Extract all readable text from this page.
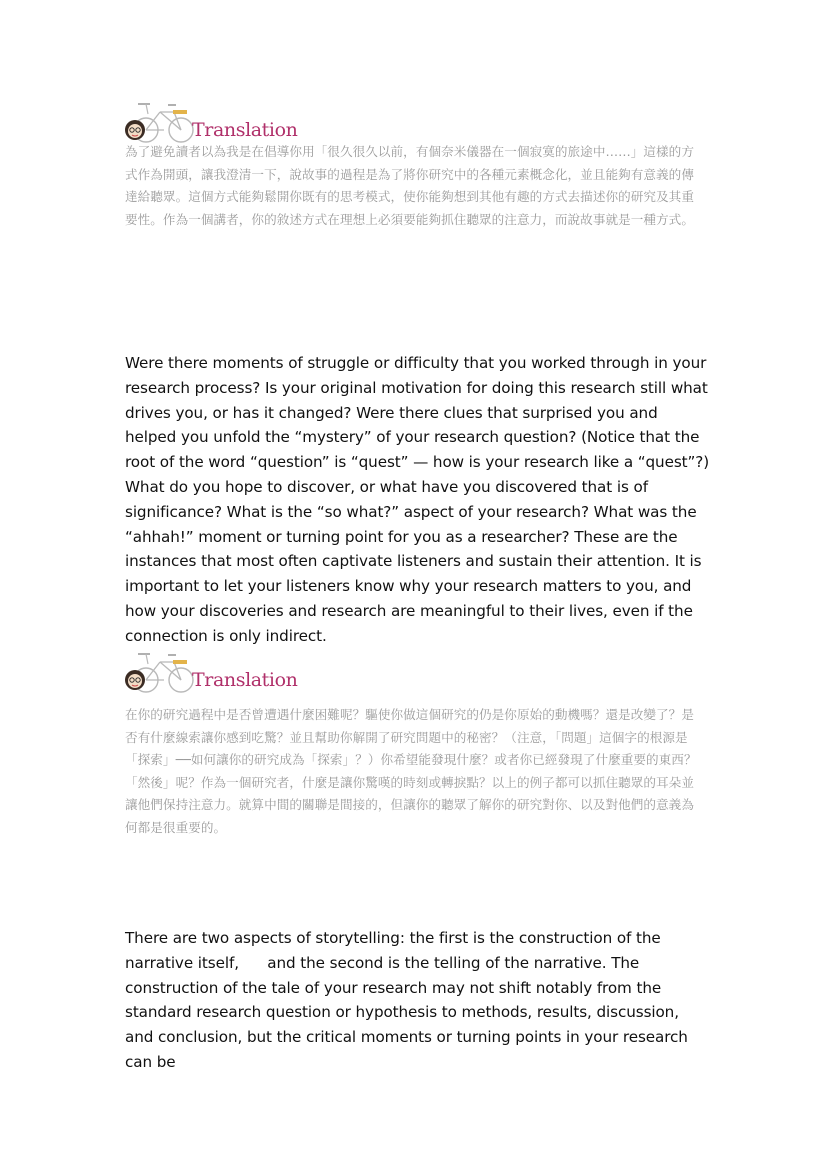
Translation

為了避免讀者以為我是在倡導你用「很久很久以前，有個奈米儀器在一個寂寞的旅途中……」這樣的方式作為開頭，讓我澄清一下，說故事的過程是為了將你研究中的各種元素概念化，並且能夠有意義的傳達給聽眾。這個方式能夠鬆開你既有的思考模式，使你能夠想到其他有趣的方式去描述你的研究及其重要性。作為一個講者，你的敘述方式在理想上必須要能夠抓住聽眾的注意力，而說故事就是一種方式。

Were there moments of struggle or difficulty that you worked through in your research process? Is your original motivation for doing this research still what drives you, or has it changed? Were there clues that surprised you and helped you unfold the “mystery” of your research question? (Notice that the root of the word “question” is “quest” — how is your research like a “quest”?) What do you hope to discover, or what have you discovered that is of significance? What is the “so what?” aspect of your research? What was the “ahhah!” moment or turning point for you as a researcher? These are the instances that most often captivate listeners and sustain their attention. It is important to let your listeners know why your research matters to you, and how your discoveries and research are meaningful to their lives, even if the connection is only indirect.

Translation

在你的研究過程中是否曾遭遇什麼困難呢？驅使你做這個研究的仍是你原始的動機嗎？還是改變了？是否有什麼線索讓你感到吃驚？並且幫助你解開了研究問題中的秘密？（注意，「問題」這個字的根源是「探索」──如何讓你的研究成為「探索」？）你希望能發現什麼？或者你已經發現了什麼重要的東西？「然後」呢？作為一個研究者，什麼是讓你驚嘆的時刻或轉捩點？以上的例子都可以抓住聽眾的耳朵並讓他們保持注意力。就算中間的關聯是間接的，但讓你的聽眾了解你的研究對你、以及對他們的意義為何都是很重要的。

There are two aspects of storytelling: the first is the construction of the narrative itself,      and the second is the telling of the narrative. The construction of the tale of your research may not shift notably from the standard research question or hypothesis to methods, results, discussion, and conclusion, but the critical moments or turning points in your research can be
